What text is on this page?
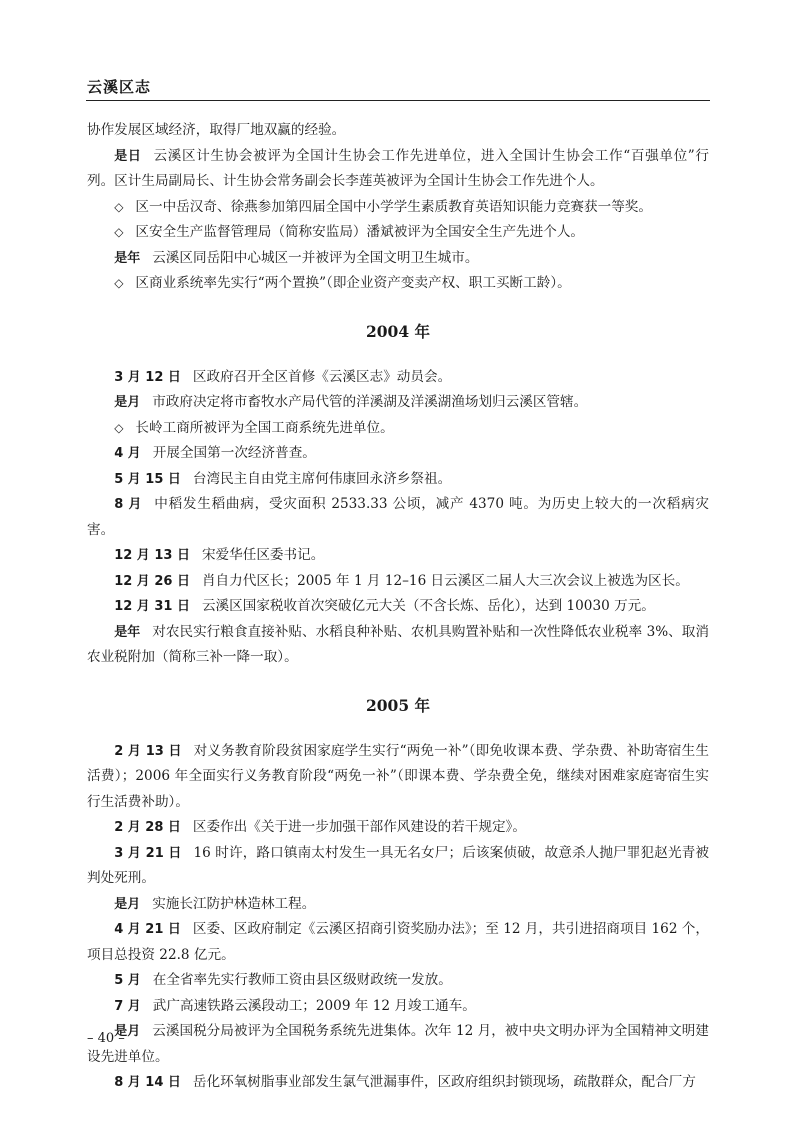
云溪区志

协作发展区域经济，取得厂地双赢的经验。

是日 云溪区计生协会被评为全国计生协会工作先进单位，进入全国计生协会工作“百强单位”行列。区计生局副局长、计生协会常务副会长李莲英被评为全国计生协会工作先进个人。

◇ 区一中岳汉奇、徐燕参加第四届全国中小学学生素质教育英语知识能力竞赛获一等奖。

◇ 区安全生产监督管理局（简称安监局）潘斌被评为全国安全生产先进个人。

是年 云溪区同岳阳中心城区一并被评为全国文明卫生城市。

◇ 区商业系统率先实行“两个置换”（即企业资产变卖产权、职工买断工龄）。

2004 年

3 月 12 日 区政府召开全区首修《云溪区志》动员会。

是月 市政府决定将市畜牧水产局代管的洋溪湖及洋溪湖渔场划归云溪区管辖。

◇ 长岭工商所被评为全国工商系统先进单位。

4 月 开展全国第一次经济普查。

5 月 15 日 台湾民主自由党主席何伟康回永济乡祭祖。

8 月 中稻发生稻曲病，受灾面积 2533.33 公顷，减产 4370 吨。为历史上较大的一次稻病灾害。

12 月 13 日 宋爱华任区委书记。

12 月 26 日 肖自力代区长；2005 年 1 月 12–16 日云溪区二届人大三次会议上被选为区长。

12 月 31 日 云溪区国家税收首次突破亿元大关（不含长炼、岳化），达到 10030 万元。

是年 对农民实行粮食直接补贴、水稻良种补贴、农机具购置补贴和一次性降低农业税率 3%、取消农业税附加（简称三补一降一取）。

2005 年

2 月 13 日 对义务教育阶段贫困家庭学生实行“两免一补”（即免收课本费、学杂费、补助寄宿生生活费）；2006 年全面实行义务教育阶段“两免一补”（即课本费、学杂费全免，继续对困难家庭寄宿生实行生活费补助）。

2 月 28 日 区委作出《关于进一步加强干部作风建设的若干规定》。

3 月 21 日 16 时许，路口镇南太村发生一具无名女尸；后该案侦破，故意杀人抛尸罪犯赵光青被判处死刑。

是月 实施长江防护林造林工程。

4 月 21 日 区委、区政府制定《云溪区招商引资奖励办法》；至 12 月，共引进招商项目 162 个，项目总投资 22.8 亿元。

5 月 在全省率先实行教师工资由县区级财政统一发放。

7 月 武广高速铁路云溪段动工；2009 年 12 月竣工通车。

是月 云溪国税分局被评为全国税务系统先进集体。次年 12 月，被中央文明办评为全国精神文明建设先进单位。

8 月 14 日 岳化环氧树脂事业部发生氯气泄漏事件，区政府组织封锁现场，疏散群众，配合厂方

– 40 –
